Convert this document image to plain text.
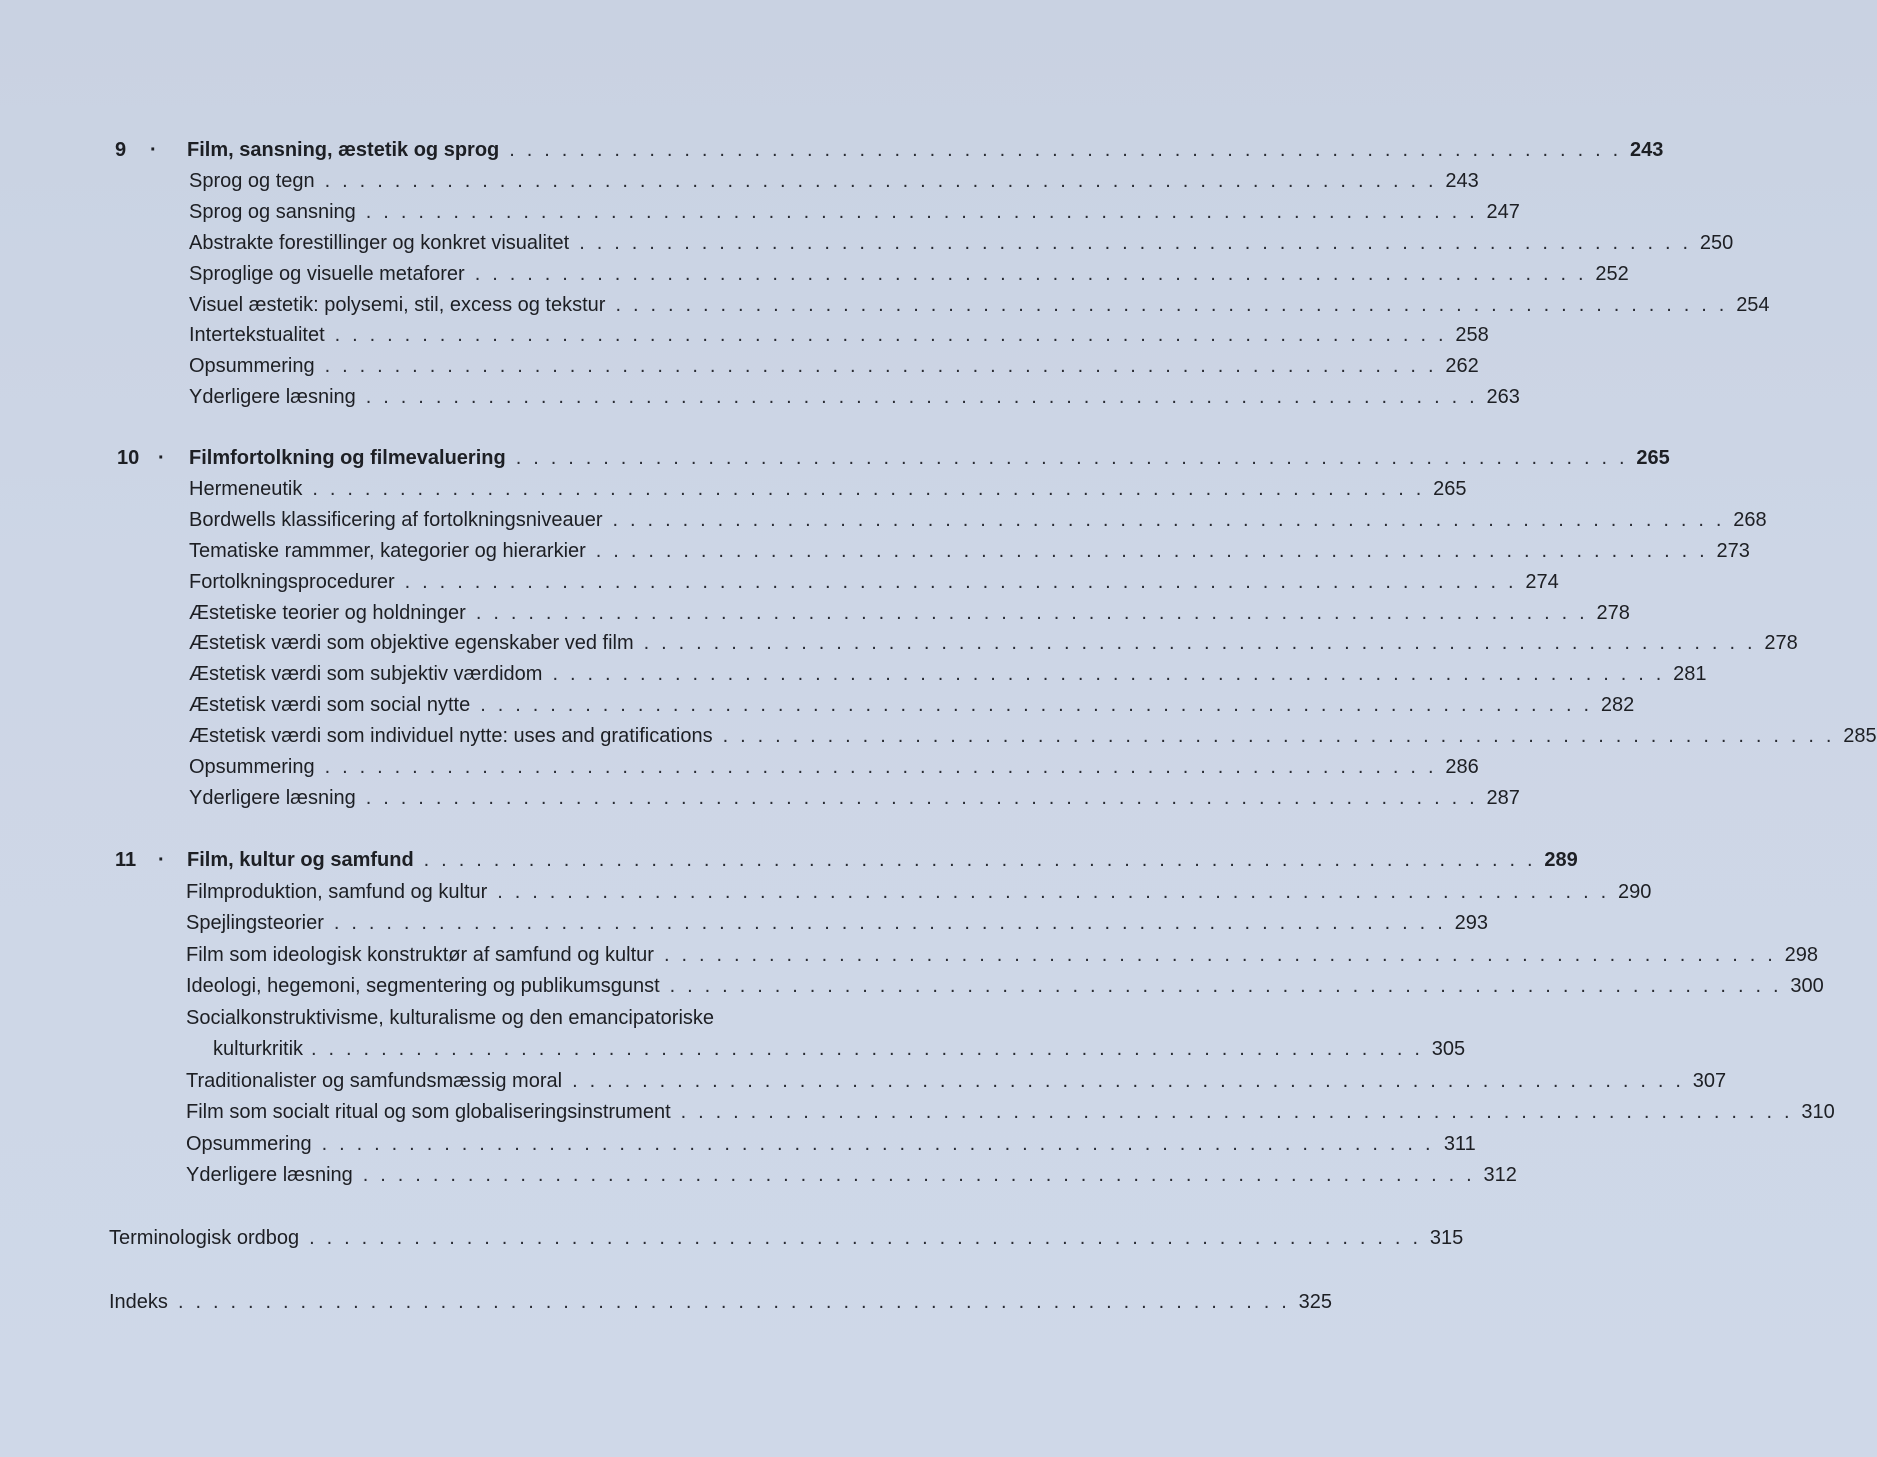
9 · Film, sansning, æstetik og sprog . . . . . . . . . . . . . . . . . . . . . . . . . . . . . . . . . . . . . . . . . . . . . . . . . . . . . . . . . . . . . . . . 243
Sprog og tegn . . . . . . . . . . . . . . . . . . . . . . . . . . . . . . . . . . . . . . . . . . . . . . . . . . . . . . . . . . . . . . . . 243
Sprog og sansning . . . . . . . . . . . . . . . . . . . . . . . . . . . . . . . . . . . . . . . . . . . . . . . . . . . . . . . . . . . . . . . . 247
Abstrakte forestillinger og konkret visualitet . . . . . . . . . . . . . . . . . . . . . . . . . . . . . . . . . . . . . . . . . . . . . . . . . . . . . . . . . . . . . . . . 250
Sproglige og visuelle metaforer . . . . . . . . . . . . . . . . . . . . . . . . . . . . . . . . . . . . . . . . . . . . . . . . . . . . . . . . . . . . . . . . 252
Visuel æstetik: polysemi, stil, excess og tekstur . . . . . . . . . . . . . . . . . . . . . . . . . . . . . . . . . . . . . . . . . . . . . . . . . . . . . . . . . . . . . . . . 254
Intertekstualitet . . . . . . . . . . . . . . . . . . . . . . . . . . . . . . . . . . . . . . . . . . . . . . . . . . . . . . . . . . . . . . . . 258
Opsummering . . . . . . . . . . . . . . . . . . . . . . . . . . . . . . . . . . . . . . . . . . . . . . . . . . . . . . . . . . . . . . . . 262
Yderligere læsning . . . . . . . . . . . . . . . . . . . . . . . . . . . . . . . . . . . . . . . . . . . . . . . . . . . . . . . . . . . . . . . . 263
10 · Filmfortolkning og filmevaluering . . . . . . . . . . . . . . . . . . . . . . . . . . . . . . . . . . . . . . . . . . . . . . . . . . . . . . . . . . . . . . . . 265
Hermeneutik . . . . . . . . . . . . . . . . . . . . . . . . . . . . . . . . . . . . . . . . . . . . . . . . . . . . . . . . . . . . . . . . 265
Bordwells klassificering af fortolkningsniveauer . . . . . . . . . . . . . . . . . . . . . . . . . . . . . . . . . . . . . . . . . . . . . . . . . . . . . . . . . . . . . . . . 268
Tematiske rammmer, kategorier og hierarkier . . . . . . . . . . . . . . . . . . . . . . . . . . . . . . . . . . . . . . . . . . . . . . . . . . . . . . . . . . . . . . . . 273
Fortolkningsprocedurer . . . . . . . . . . . . . . . . . . . . . . . . . . . . . . . . . . . . . . . . . . . . . . . . . . . . . . . . . . . . . . . . 274
Æstetiske teorier og holdninger . . . . . . . . . . . . . . . . . . . . . . . . . . . . . . . . . . . . . . . . . . . . . . . . . . . . . . . . . . . . . . . . 278
Æstetisk værdi som objektive egenskaber ved film . . . . . . . . . . . . . . . . . . . . . . . . . . . . . . . . . . . . . . . . . . . . . . . . . . . . . . . . . . . . . . . . 278
Æstetisk værdi som subjektiv værdidom . . . . . . . . . . . . . . . . . . . . . . . . . . . . . . . . . . . . . . . . . . . . . . . . . . . . . . . . . . . . . . . . 281
Æstetisk værdi som social nytte . . . . . . . . . . . . . . . . . . . . . . . . . . . . . . . . . . . . . . . . . . . . . . . . . . . . . . . . . . . . . . . . 282
Æstetisk værdi som individuel nytte: uses and gratifications . . . . . . . . . . . . . . . . . . . . . . . . . . . . . . . . . . . . . . . . . . . . . . . . . . . . . . . . . . . . . . . . 285
Opsummering . . . . . . . . . . . . . . . . . . . . . . . . . . . . . . . . . . . . . . . . . . . . . . . . . . . . . . . . . . . . . . . . 286
Yderligere læsning . . . . . . . . . . . . . . . . . . . . . . . . . . . . . . . . . . . . . . . . . . . . . . . . . . . . . . . . . . . . . . . . 287
11 · Film, kultur og samfund . . . . . . . . . . . . . . . . . . . . . . . . . . . . . . . . . . . . . . . . . . . . . . . . . . . . . . . . . . . . . . . . 289
Filmproduktion, samfund og kultur . . . . . . . . . . . . . . . . . . . . . . . . . . . . . . . . . . . . . . . . . . . . . . . . . . . . . . . . . . . . . . . . 290
Spejlingsteorier . . . . . . . . . . . . . . . . . . . . . . . . . . . . . . . . . . . . . . . . . . . . . . . . . . . . . . . . . . . . . . . . 293
Film som ideologisk konstruktør af samfund og kultur . . . . . . . . . . . . . . . . . . . . . . . . . . . . . . . . . . . . . . . . . . . . . . . . . . . . . . . . . . . . . . . . 298
Ideologi, hegemoni, segmentering og publikumsgunst . . . . . . . . . . . . . . . . . . . . . . . . . . . . . . . . . . . . . . . . . . . . . . . . . . . . . . . . . . . . . . . . 300
Socialkonstruktivisme, kulturalisme og den emancipatoriske
kulturkritik . . . . . . . . . . . . . . . . . . . . . . . . . . . . . . . . . . . . . . . . . . . . . . . . . . . . . . . . . . . . . . . . 305
Traditionalister og samfundsmæssig moral . . . . . . . . . . . . . . . . . . . . . . . . . . . . . . . . . . . . . . . . . . . . . . . . . . . . . . . . . . . . . . . . 307
Film som socialt ritual og som globaliseringsinstrument . . . . . . . . . . . . . . . . . . . . . . . . . . . . . . . . . . . . . . . . . . . . . . . . . . . . . . . . . . . . . . . . 310
Opsummering . . . . . . . . . . . . . . . . . . . . . . . . . . . . . . . . . . . . . . . . . . . . . . . . . . . . . . . . . . . . . . . . 311
Yderligere læsning . . . . . . . . . . . . . . . . . . . . . . . . . . . . . . . . . . . . . . . . . . . . . . . . . . . . . . . . . . . . . . . . 312
Terminologisk ordbog . . . . . . . . . . . . . . . . . . . . . . . . . . . . . . . . . . . . . . . . . . . . . . . . . . . . . . . . . . . . . . . . 315
Indeks . . . . . . . . . . . . . . . . . . . . . . . . . . . . . . . . . . . . . . . . . . . . . . . . . . . . . . . . . . . . . . . . 325
